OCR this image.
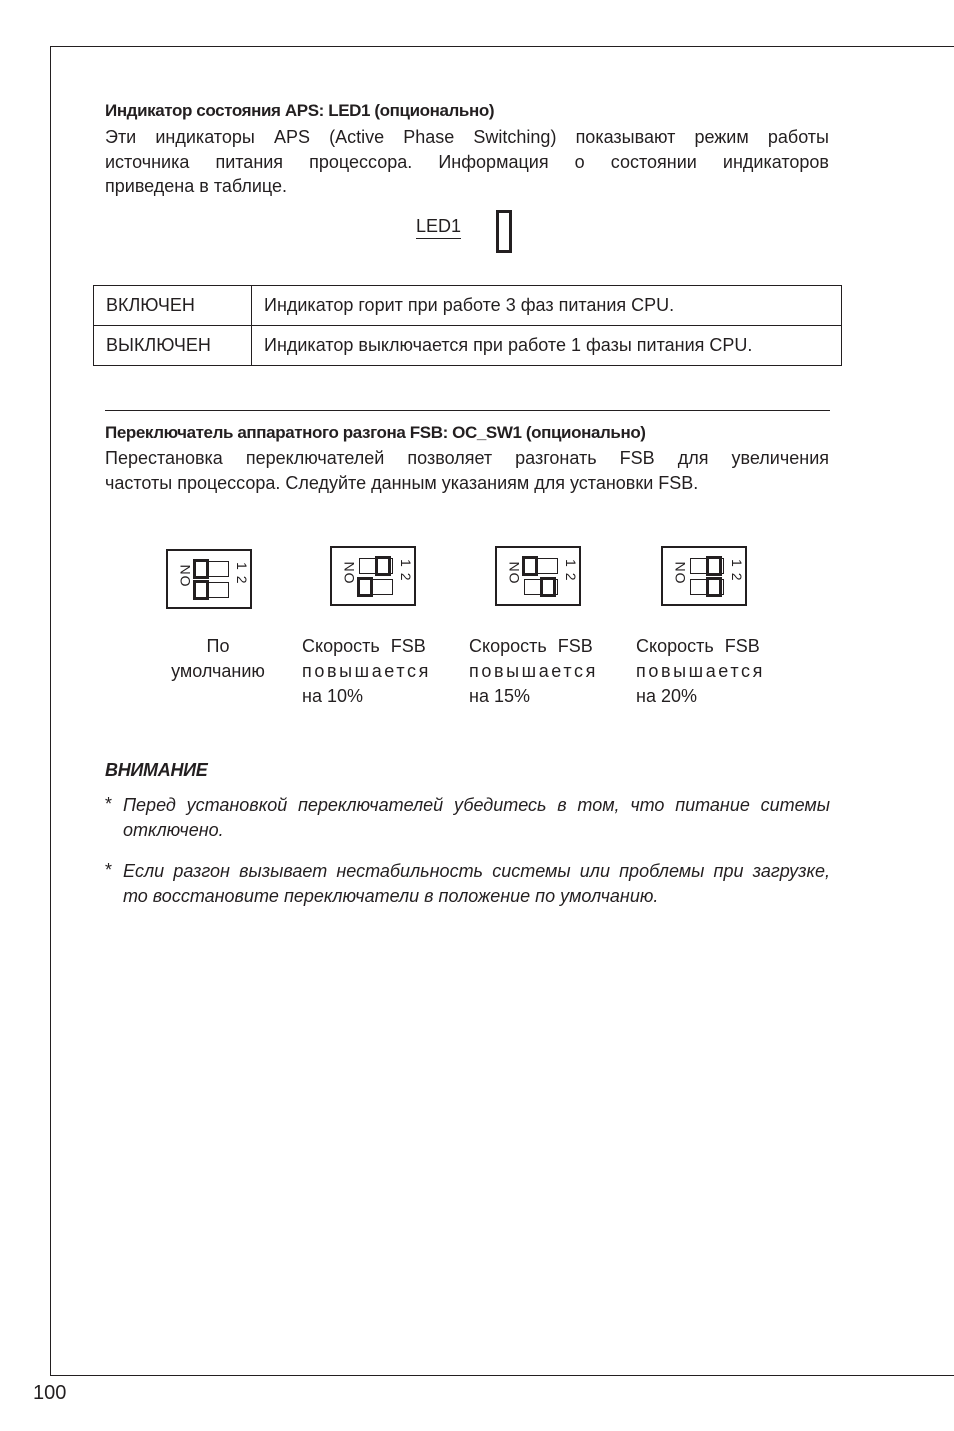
Индикатор состояния APS: LED1 (опционально)
Эти индикаторы APS (Active Phase Switching) показывают режим работы
источника питания процессора. Информация о состоянии индикаторов
приведена в таблице.
LED1
ВКЛЮЧЕН	Индикатор горит при работе 3 фаз питания CPU.
ВЫКЛЮЧЕН	Индикатор выключается при работе 1 фазы питания CPU.
Переключатель аппаратного разгона FSB: OC_SW1 (опционально)
Перестановка переключателей позволяет разгонать FSB для увеличения
частоты процессора. Следуйте данным указаниям для установки FSB.
ON	12	ON	12	ON	12	ON	12
По
умолчанию
Скорость FSB
повышается
на 10%
Скорость FSB
повышается
на 15%
Скорость FSB
повышается
на 20%
ВНИМАНИЕ
* Перед установкой переключателей убедитесь в том, что питание ситемы
отключено.
* Если разгон вызывает нестабильность системы или проблемы при загрузке,
то восстановите переключатели в положение по умолчанию.
100
